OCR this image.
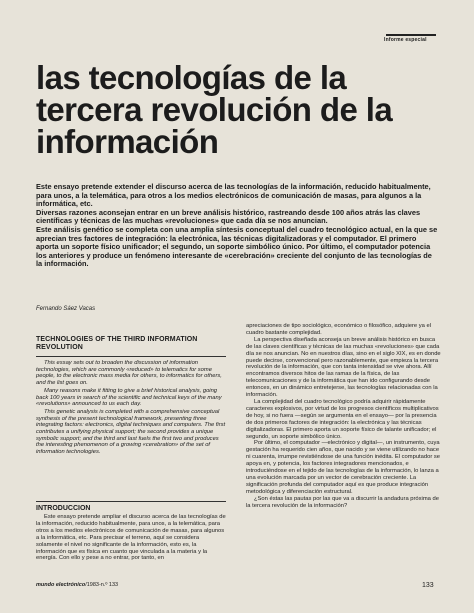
Informe especial
las tecnologías de la tercera revolución de la información

Este ensayo pretende extender el discurso acerca de las tecnologías de la información, reducido habitualmente, para unos, a la telemática, para otros a los medios electrónicos de comunicación de masas, para algunos a la informática, etc.

Diversas razones aconsejan entrar en un breve análisis histórico, rastreando desde 100 años atrás las claves científicas y técnicas de las muchas «revoluciones» que cada día se nos anuncian.

Este análisis genético se completa con una amplia síntesis conceptual del cuadro tecnológico actual, en la que se aprecian tres factores de integración: la electrónica, las técnicas digitalizadoras y el computador. El primero aporta un soporte físico unificador; el segundo, un soporte simbólico único. Por último, el computador potencia los anteriores y produce un fenómeno interesante de «cerebración» creciente del conjunto de las tecnologías de la información.

Fernando Sáez Vacas
TECHNOLOGIES OF THE THIRD INFORMATION REVOLUTION

This essay sets out to broaden the discussion of information technologies, which are commonly «reduced» to telematics for some people, to the electronic mass media for others, to informatics for others, and the list goes on.

Many reasons make it fitting to give a brief historical analysis, going back 100 years in search of the scientific and technical keys of the many «revolutions» announced to us each day.

This genetic analysis is completed with a comprehensive conceptual synthesis of the present technological framework, presenting three integrating factors: electronics, digital techniques and computers. The first contributes a unifying physical support; the second provides a unique symbolic support; and the third and last fuels the first two and produces the interesting phenomenon of a growing «cerebration» of the set of information technologies.

INTRODUCCION

Este ensayo pretende ampliar el discurso acerca de las tecnologías de la información, reducido habitualmente, para unos, a la telemática, para otros a los medios electrónicos de comunicación de masas, para algunos a la informática, etc. Para precisar el terreno, aquí se considera solamente el nivel no significante de la información, esto es, la información que es física en cuanto que vinculada a la materia y la energía. Con ello y pese a no entrar, por tanto, en

apreciaciones de tipo sociológico, económico o filosófico, adquiere ya el cuadro bastante complejidad.

La perspectiva diseñada aconseja un breve análisis histórico en busca de las claves científicas y técnicas de las muchas «revoluciones» que cada día se nos anuncian. No en nuestros días, sino en el siglo XIX, es en donde puede decirse, convencional pero razonablemente, que empieza la tercera revolución de la información, que con tanta intensidad se vive ahora. Allí encontramos diversos hitos de las ramas de la física, de las telecomunicaciones y de la informática que han ido configurando desde entonces, en un dinámico entretejerse, las tecnologías relacionadas con la información.

La complejidad del cuadro tecnológico podría adquirir rápidamente caracteres explosivos, por virtud de los progresos científicos multiplicativos de hoy, si no fuera —según se argumenta en el ensayo— por la presencia de dos primeros factores de integración: la electrónica y las técnicas digitalizadoras. El primero aporta un soporte físico de talante unificador; el segundo, un soporte simbólico único.

Por último, el computador —electrónico y digital—, un instrumento, cuya gestación ha requerido cien años, que nacido y se viene utilizando no hace ni cuarenta, irrumpe revistiéndose de una función inédita. El computador se apoya en, y potencia, los factores integradores mencionados, e introduciéndose en el tejido de las tecnologías de la información, lo lanza a una evolución marcada por un vector de cerebración creciente. La significación profunda del computador aquí es que produce integración metodológica y diferenciación estructural.

¿Son éstas las pautas por las que va a discurrir la andadura próxima de la tercera revolución de la información?

mundo electrónico/1983-n.º 133	133
